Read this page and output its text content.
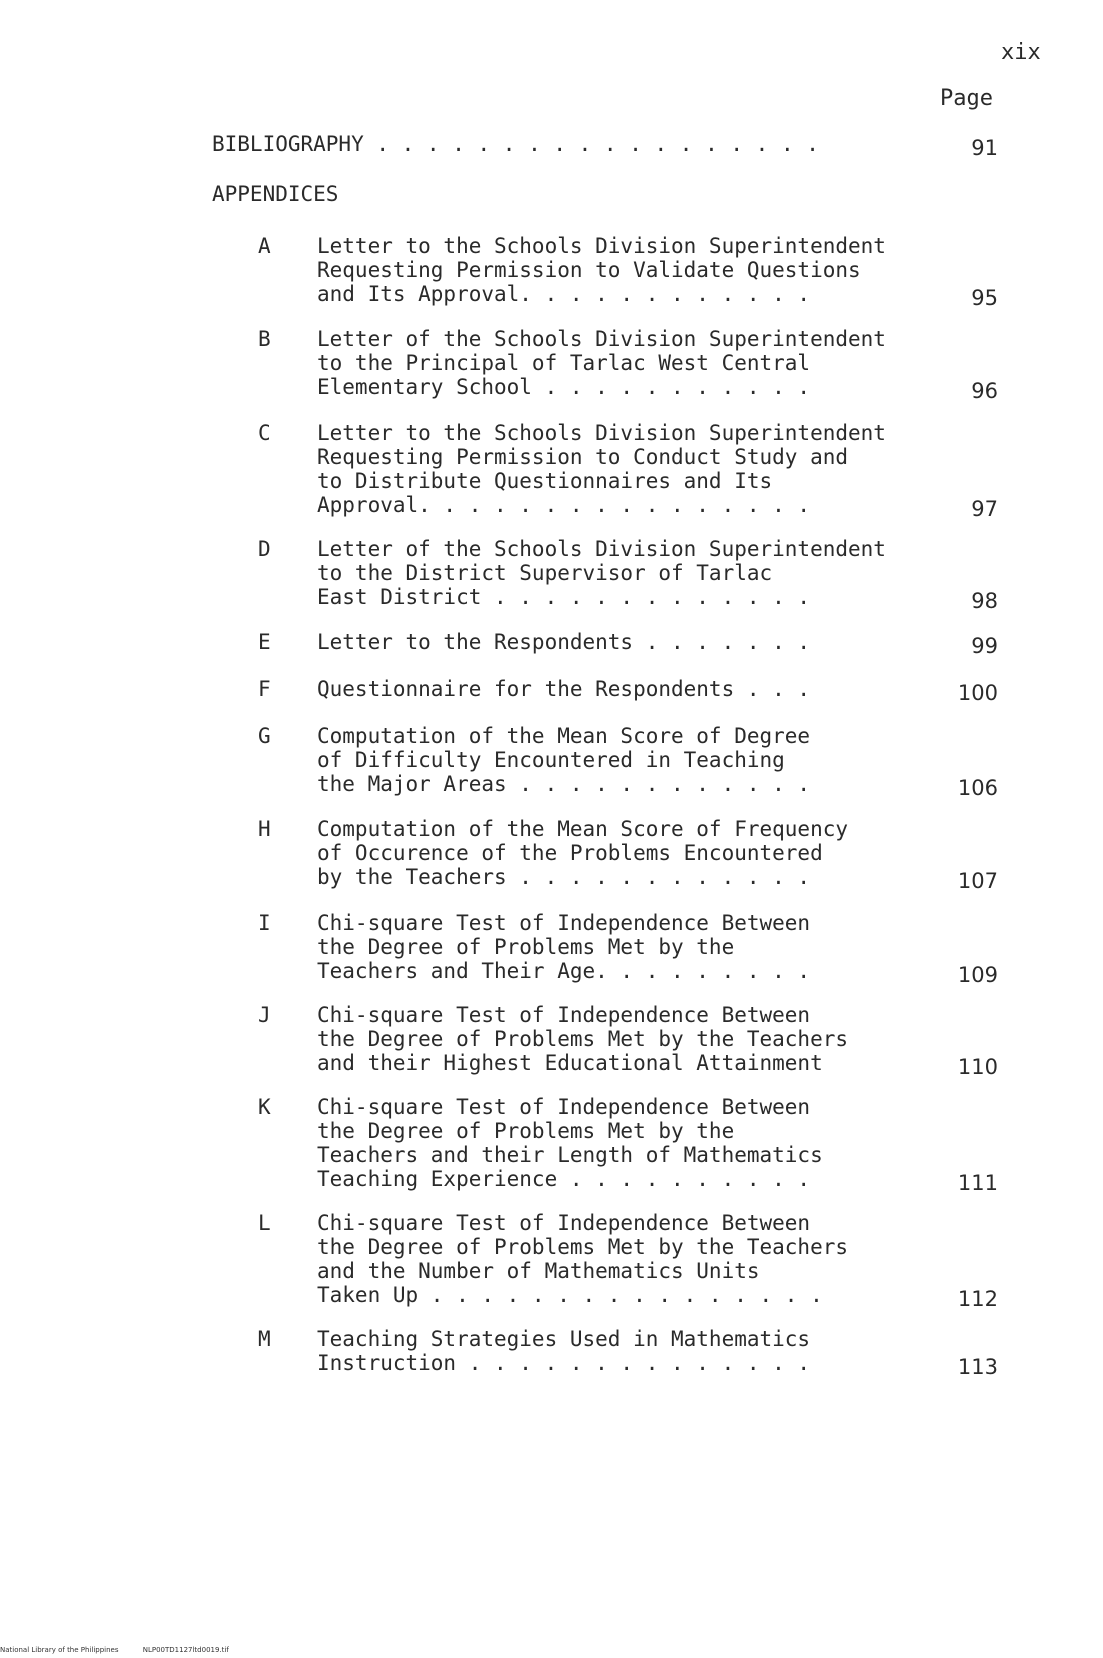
xix
Page
BIBLIOGRAPHY . . . . . . . . . . . . . . . . . .	91
APPENDICES
A Letter to the Schools Division Superintendent
Requesting Permission to Validate Questions
and Its Approval. . . . . . . . . . . .	95
B Letter of the Schools Division Superintendent
to the Principal of Tarlac West Central
Elementary School . . . . . . . . . . .	96
C Letter to the Schools Division Superintendent
Requesting Permission to Conduct Study and
to Distribute Questionnaires and Its
Approval. . . . . . . . . . . . . . . .	97
D Letter of the Schools Division Superintendent
to the District Supervisor of Tarlac
East District . . . . . . . . . . . . .	98
E Letter to the Respondents . . . . . . .	99
F Questionnaire for the Respondents . . .	100
G Computation of the Mean Score of Degree
of Difficulty Encountered in Teaching
the Major Areas . . . . . . . . . . . .	106
H Computation of the Mean Score of Frequency
of Occurence of the Problems Encountered
by the Teachers . . . . . . . . . . . .	107
I Chi-square Test of Independence Between
the Degree of Problems Met by the
Teachers and Their Age. . . . . . . . .	109
J Chi-square Test of Independence Between
the Degree of Problems Met by the Teachers
and their Highest Educational Attainment	110
K Chi-square Test of Independence Between
the Degree of Problems Met by the
Teachers and their Length of Mathematics
Teaching Experience . . . . . . . . . .	111
L Chi-square Test of Independence Between
the Degree of Problems Met by the Teachers
and the Number of Mathematics Units
Taken Up . . . . . . . . . . . . . . . .	112
M Teaching Strategies Used in Mathematics
Instruction . . . . . . . . . . . . . .	113
National Library of the Philippines	NLP00TD1127ltd0019.tif
